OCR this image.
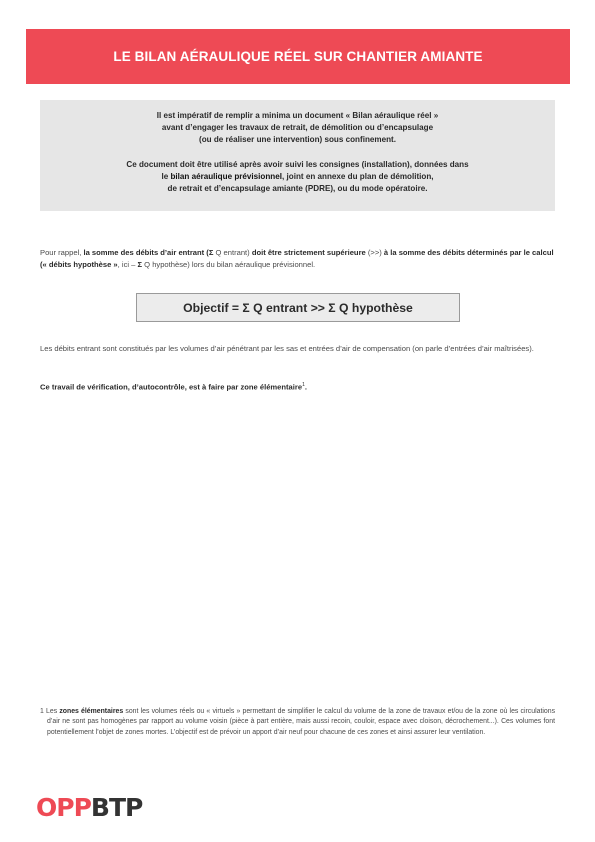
LE BILAN AÉRAULIQUE RÉEL SUR CHANTIER AMIANTE

Il est impératif de remplir a minima un document « Bilan aéraulique réel »
avant d’engager les travaux de retrait, de démolition ou d’encapsulage
(ou de réaliser une intervention) sous confinement.

Ce document doit être utilisé après avoir suivi les consignes (installation), données dans
le bilan aéraulique prévisionnel, joint en annexe du plan de démolition,
de retrait et d’encapsulage amiante (PDRE), ou du mode opératoire.

Pour rappel, la somme des débits d’air entrant (Σ Q entrant) doit être strictement supérieure (>>) à la somme des débits déterminés par le calcul (« débits hypothèse », ici – Σ Q hypothèse) lors du bilan aéraulique prévisionnel.

Objectif = Σ Q entrant >> Σ Q hypothèse

Les débits entrant sont constitués par les volumes d’air pénétrant par les sas et entrées d’air de compensation (on parle d’entrées d’air maîtrisées).

Ce travail de vérification, d’autocontrôle, est à faire par zone élémentaire$^1$.

1 Les zones élémentaires sont les volumes réels ou « virtuels » permettant de simplifier le calcul du volume de la zone de travaux et/ou de la zone où les circulations d’air ne sont pas homogènes par rapport au volume voisin (pièce à part entière, mais aussi recoin, couloir, espace avec cloison, décrochement...). Ces volumes font potentiellement l’objet de zones mortes. L’objectif est de prévoir un apport d’air neuf pour chacune de ces zones et ainsi assurer leur ventilation.

OPP BTP
